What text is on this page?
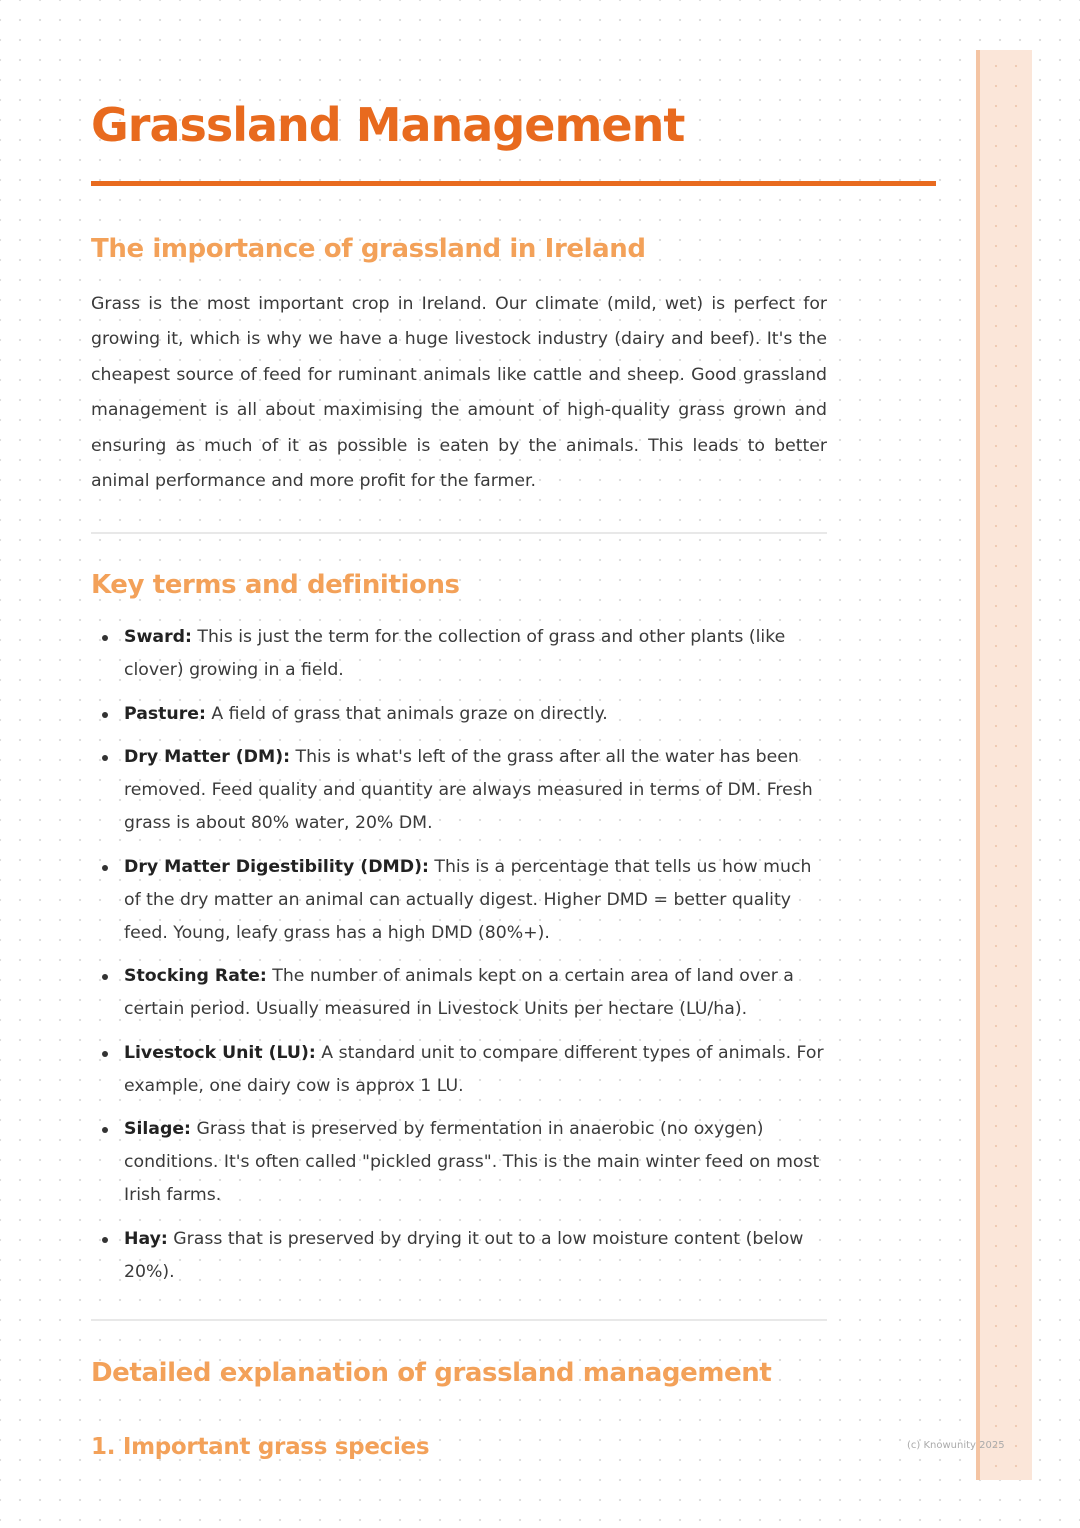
Grassland Management
The importance of grassland in Ireland

Grass is the most important crop in Ireland. Our climate (mild, wet) is perfect for growing it, which is why we have a huge livestock industry (dairy and beef). It's the cheapest source of feed for ruminant animals like cattle and sheep. Good grassland management is all about maximising the amount of high-quality grass grown and ensuring as much of it as possible is eaten by the animals. This leads to better animal performance and more profit for the farmer.

Key terms and definitions
Sward: This is just the term for the collection of grass and other plants (like clover) growing in a field.
Pasture: A field of grass that animals graze on directly.
Dry Matter (DM): This is what's left of the grass after all the water has been removed. Feed quality and quantity are always measured in terms of DM. Fresh grass is about 80% water, 20% DM.
Dry Matter Digestibility (DMD): This is a percentage that tells us how much of the dry matter an animal can actually digest. Higher DMD = better quality feed. Young, leafy grass has a high DMD (80%+).
Stocking Rate: The number of animals kept on a certain area of land over a certain period. Usually measured in Livestock Units per hectare (LU/ha).
Livestock Unit (LU): A standard unit to compare different types of animals. For example, one dairy cow is approx 1 LU.
Silage: Grass that is preserved by fermentation in anaerobic (no oxygen) conditions. It's often called "pickled grass". This is the main winter feed on most Irish farms.
Hay: Grass that is preserved by drying it out to a low moisture content (below 20%).
Detailed explanation of grassland management
1. Important grass species	(c) Knowunity 2025
